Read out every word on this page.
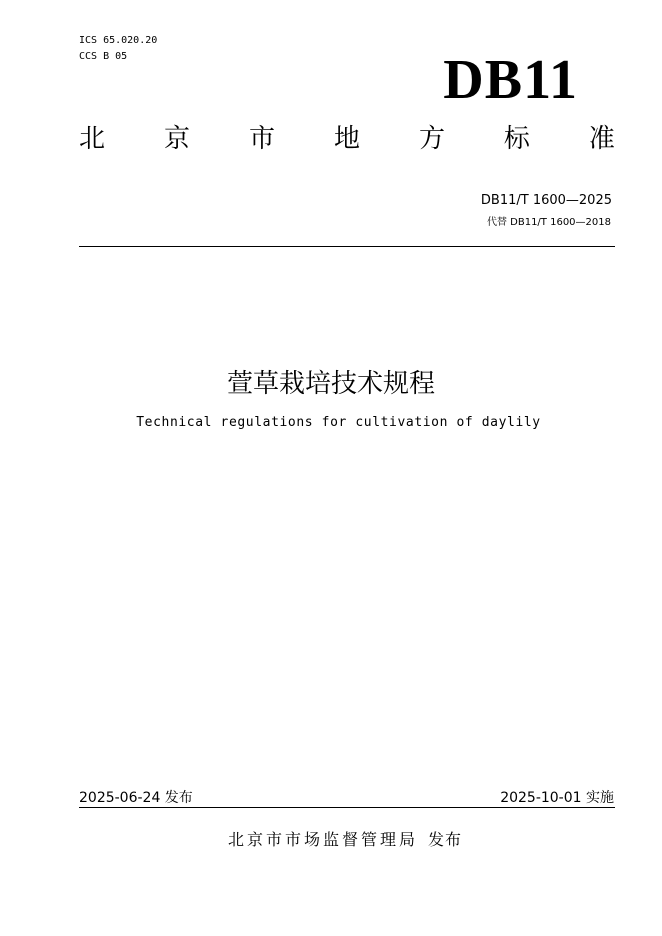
ICS 65.020.20
CCS B 05	DB11
北 京 市 地 方 标 准
DB11/T 1600—2025
代替 DB11/T 1600—2018
萱草栽培技术规程
Technical regulations for cultivation of daylily
2025-06-24 发布	2025-10-01 实施
北京市市场监督管理局 发布
